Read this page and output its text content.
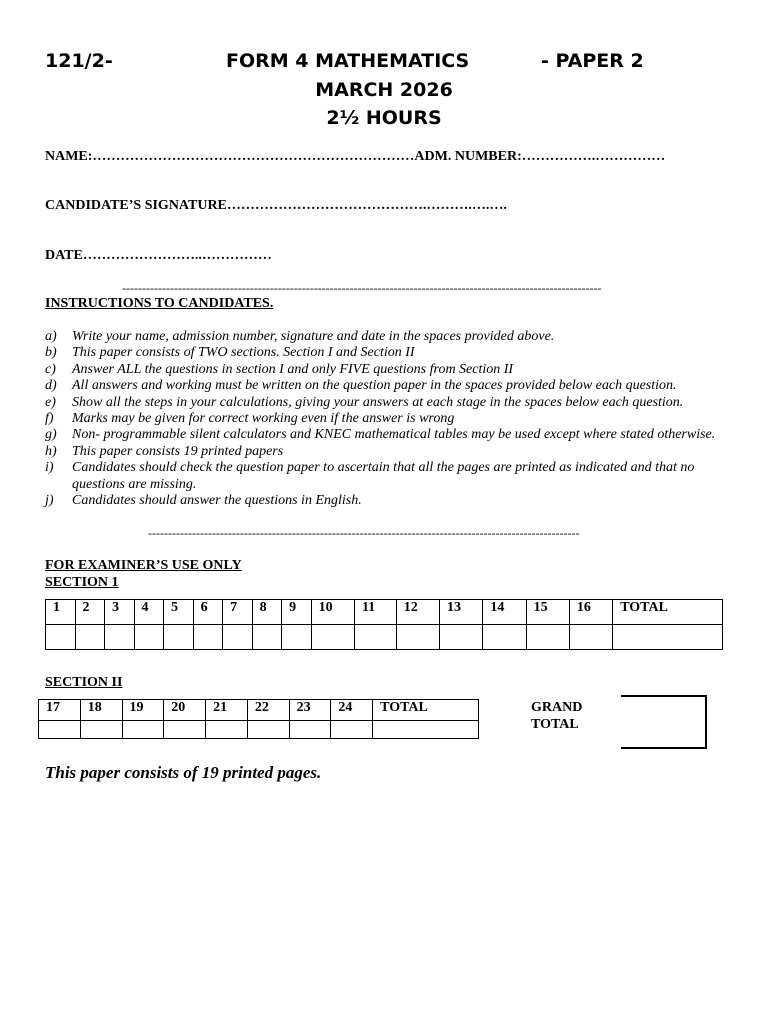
121/2-	FORM 4 MATHEMATICS	- PAPER 2
MARCH 2026
2½ HOURS
NAME:……………………………………………………………ADM. NUMBER:…………….……………
CANDIDATE’S SIGNATURE…………………………………….……….….….
DATE……………………..……………
------------------------------------------------------------------------------------------------------------------------
INSTRUCTIONS TO CANDIDATES.
a) Write your name, admission number, signature and date in the spaces provided above.
b) This paper consists of TWO sections. Section I and Section II
c) Answer ALL the questions in section I and only FIVE questions from Section II
d) All answers and working must be written on the question paper in the spaces provided below each question.
e) Show all the steps in your calculations, giving your answers at each stage in the spaces below each question.
f) Marks may be given for correct working even if the answer is wrong
g) Non- programmable silent calculators and KNEC mathematical tables may be used except where stated otherwise.
h) This paper consists 19 printed papers
i) Candidates should check the question paper to ascertain that all the pages are printed as indicated and that no questions are missing.
j) Candidates should answer the questions in English.
------------------------------------------------------------------------------------------------------------
FOR EXAMINER’S USE ONLY
SECTION 1
1	2	3	4	5	6	7	8	9	10	11	12	13	14	15	16	TOTAL

SECTION II
17	18	19	20	21	22	23	24	TOTAL
									GRAND
TOTAL
This paper consists of 19 printed pages.
